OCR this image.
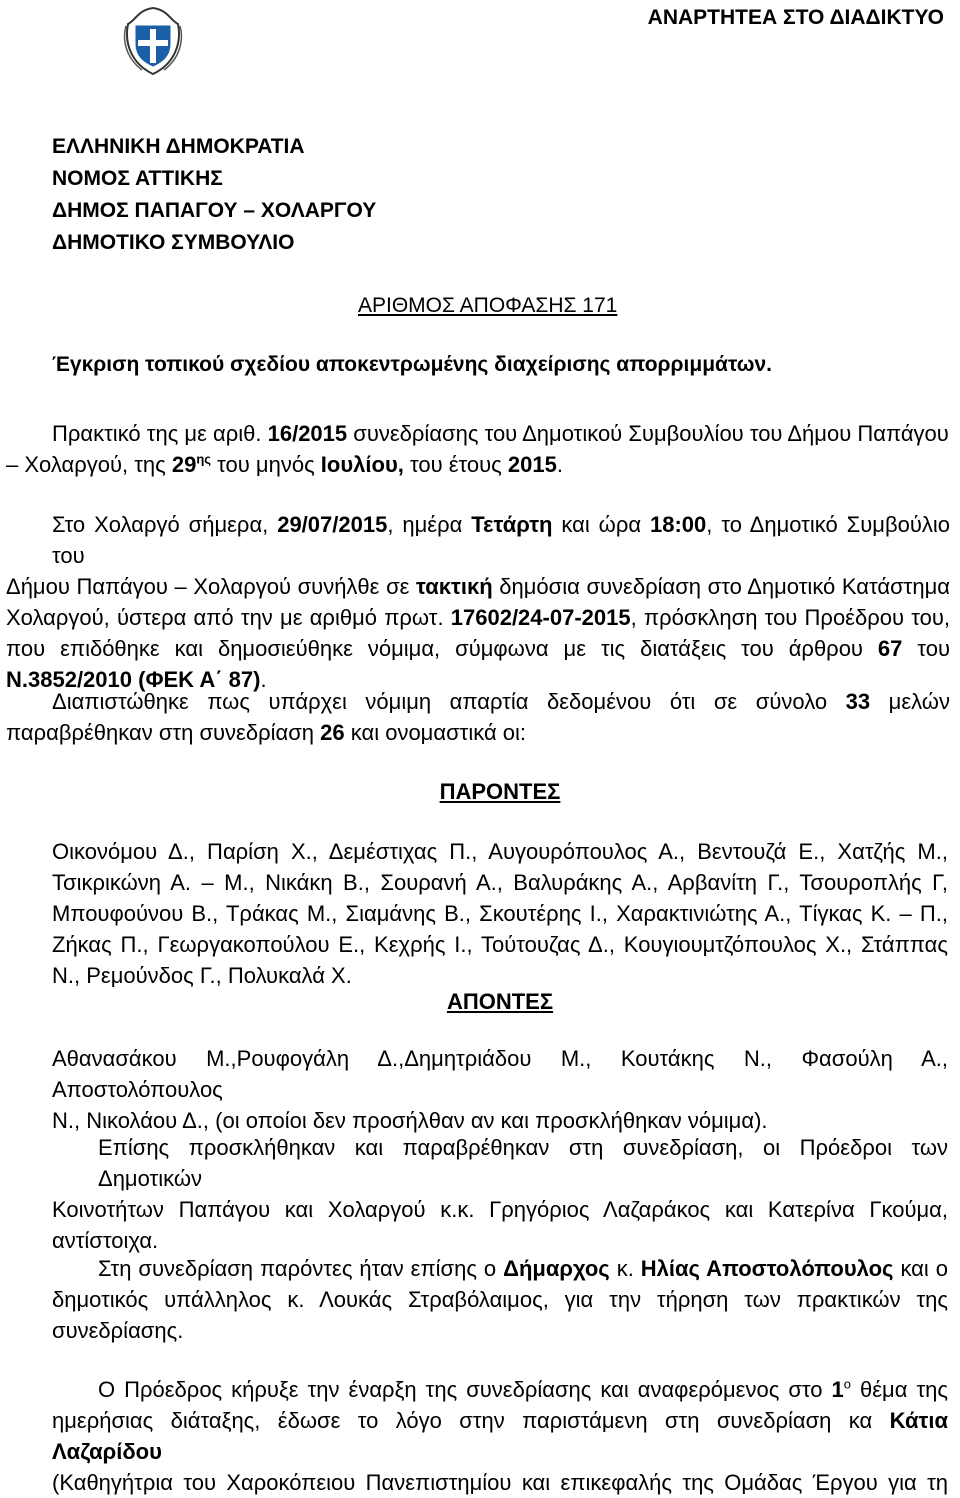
ΑΝΑΡΤΗΤΕΑ ΣΤΟ ΔΙΑΔΙΚΤΥΟ
ΕΛΛΗΝΙΚΗ ΔΗΜΟΚΡΑΤΙΑ
ΝΟΜΟΣ ΑΤΤΙΚΗΣ
ΔΗΜΟΣ ΠΑΠΑΓΟΥ – ΧΟΛΑΡΓΟΥ
ΔΗΜΟΤΙΚΟ ΣΥΜΒΟΥΛΙΟ
ΑΡΙΘΜΟΣ ΑΠΟΦΑΣΗΣ 171
Έγκριση τοπικού σχεδίου αποκεντρωμένης διαχείρισης απορριμμάτων.
Πρακτικό της με αριθ. 16/2015 συνεδρίασης του Δημοτικού Συμβουλίου του Δήμου Παπάγου
– Χολαργού, της $29^{\eta\varsigma}$ του μηνός Ιουλίου, του έτους 2015.
Στο Χολαργό σήμερα, 29/07/2015, ημέρα Τετάρτη και ώρα 18:00, το Δημοτικό Συμβούλιο του
Δήμου Παπάγου – Χολαργού συνήλθε σε τακτική δημόσια συνεδρίαση στο Δημοτικό Κατάστημα
Χολαργού, ύστερα από την με αριθμό πρωτ. 17602/24-07-2015, πρόσκληση του Προέδρου του,
που επιδόθηκε και δημοσιεύθηκε νόμιμα, σύμφωνα με τις διατάξεις του άρθρου 67 του
Ν.3852/2010 (ΦΕΚ Α΄ 87).
Διαπιστώθηκε πως υπάρχει νόμιμη απαρτία δεδομένου ότι σε σύνολο 33 μελών
παραβρέθηκαν στη συνεδρίαση 26 και ονομαστικά οι:
ΠΑΡΟΝΤΕΣ
Οικονόμου Δ., Παρίση Χ., Δεμέστιχας Π., Αυγουρόπουλος Α., Βεντουζά Ε., Χατζής Μ.,
Τσικρικώνη Α. – Μ., Νικάκη Β., Σουρανή Α., Βαλυράκης Α., Αρβανίτη Γ., Τσουροπλής Γ,
Μπουφούνου Β., Τράκας Μ., Σιαμάνης Β., Σκουτέρης Ι., Χαρακτινιώτης Α., Τίγκας Κ. – Π.,
Ζήκας Π., Γεωργακοπούλου Ε., Κεχρής Ι., Τούτουζας Δ., Κουγιουμτζόπουλος Χ., Στάππας
Ν., Ρεμούνδος Γ., Πολυκαλά Χ.
ΑΠΟΝΤΕΣ
Αθανασάκου Μ.,Ρουφογάλη Δ.,Δημητριάδου Μ., Κουτάκης Ν., Φασούλη Α., Αποστολόπουλος
Ν., Νικολάου Δ., (οι οποίοι δεν προσήλθαν αν και προσκλήθηκαν νόμιμα).
Επίσης προσκλήθηκαν και παραβρέθηκαν στη συνεδρίαση, οι Πρόεδροι των Δημοτικών
Κοινοτήτων Παπάγου και Χολαργού κ.κ. Γρηγόριος Λαζαράκος και Κατερίνα Γκούμα,
αντίστοιχα.
Στη συνεδρίαση παρόντες ήταν επίσης ο Δήμαρχος κ. Ηλίας Αποστολόπουλος και ο
δημοτικός υπάλληλος κ. Λουκάς Στραβόλαιμος, για την τήρηση των πρακτικών της
συνεδρίασης.
Ο Πρόεδρος κήρυξε την έναρξη της συνεδρίασης και αναφερόμενος στο $1^o$ θέμα της
ημερήσιας διάταξης, έδωσε το λόγο στην παριστάμενη στη συνεδρίαση κα Κάτια Λαζαρίδου
(Καθηγήτρια του Χαροκόπειου Πανεπιστημίου και επικεφαλής της Ομάδας Έργου για τη
